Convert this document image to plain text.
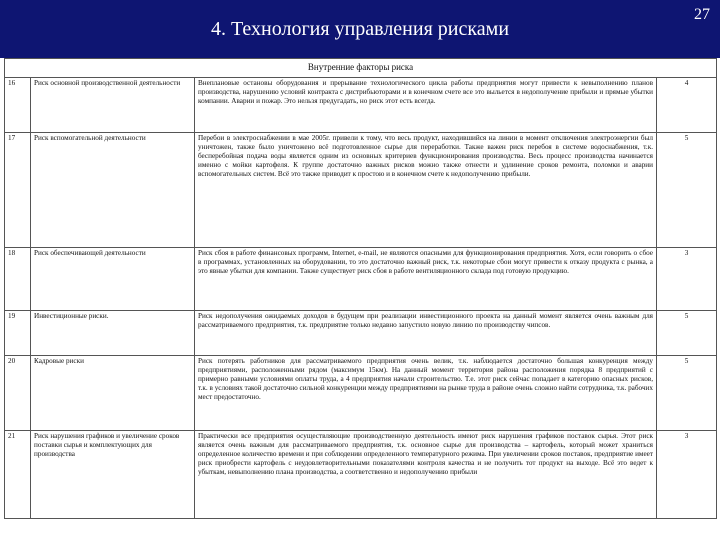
4. Технология управления рисками
27
Внутренние факторы риска			
16	Риск основной производственной деятельности	Внеплановые остановы оборудования и прерывание технологического цикла работы предприятия могут привести к невыполнению планов производства, нарушению условий контракта с дистрибьюторами и в конечном счете все это выльется в недополучение прибыли и прямые убытки компании. Аварии и пожар. Это нельзя предугадать, но риск этот есть всегда.	4
17	Риск вспомогательной деятельности	Перебои в электроснабжении в мае 2005г. привели к тому, что весь продукт, находившийся на линии в момент отключения электроэнергии был уничтожен, также было уничтожено всё подготовленное сырье для переработки. Также важен риск перебоя в системе водоснабжения, т.к. бесперебойная подача воды является одним из основных критериев функционирования производства. Весь процесс производства начинается именно с мойки картофеля. К группе достаточно важных рисков можно также отнести и удлинение сроков ремонта, поломки и аварии вспомогательных систем. Всё это также приводит к простою и в конечном счете к недополучению прибыли.	5
18	Риск обеспечивающей деятельности	Риск сбоя в работе финансовых программ, Internet, e-mail, не являются опасными для функционирования предприятия. Хотя, если говорить о сбое в программах, установленных на оборудовании, то это достаточно важный риск, т.к. некоторые сбои могут привести к отказу продукта с рынка, а это явные убытки для компании. Также существует риск сбоя в работе вентиляционного склада под готовую продукцию.	3
19	Инвестиционные риски.	Риск недополучения ожидаемых доходов в будущем при реализации инвестиционного проекта на данный момент является очень важным для рассматриваемого предприятия, т.к. предприятие только недавно запустило новую линию по производству чипсов.	5
20	Кадровые риски	Риск потерять работников для рассматриваемого предприятия очень велик, т.к. наблюдается достаточно большая конкуренция между предприятиями, расположенными рядом (максимум 15км). На данный момент территория района расположения порядка 8 предприятий с примерно равными условиями оплаты труда, а 4 предприятия начали строительство. Т.е. этот риск сейчас попадает в категорию опасных рисков, т.к. в условиях такой достаточно сильной конкуренции между предприятиями на рынке труда в районе очень сложно найти сотрудника, т.к. рабочих мест предостаточно.	5
21	Риск нарушения графиков и увеличение сроков поставки сырья и комплектующих для производства	Практически все предприятия осуществляющие производственную деятельность имеют риск нарушения графиков поставок сырья. Этот риск является очень важным для рассматриваемого предприятия, т.к. основное сырье для производства – картофель, который может храниться определенное количество времени и при соблюдении определенного температурного режима. При увеличении сроков поставок, предприятие имеет риск приобрести картофель с неудовлетворительными показателями контроля качества и не получить тот продукт на выходе. Всё это ведет к убыткам, невыполнению плана производства, а соответственно и недополучению прибыли	3
